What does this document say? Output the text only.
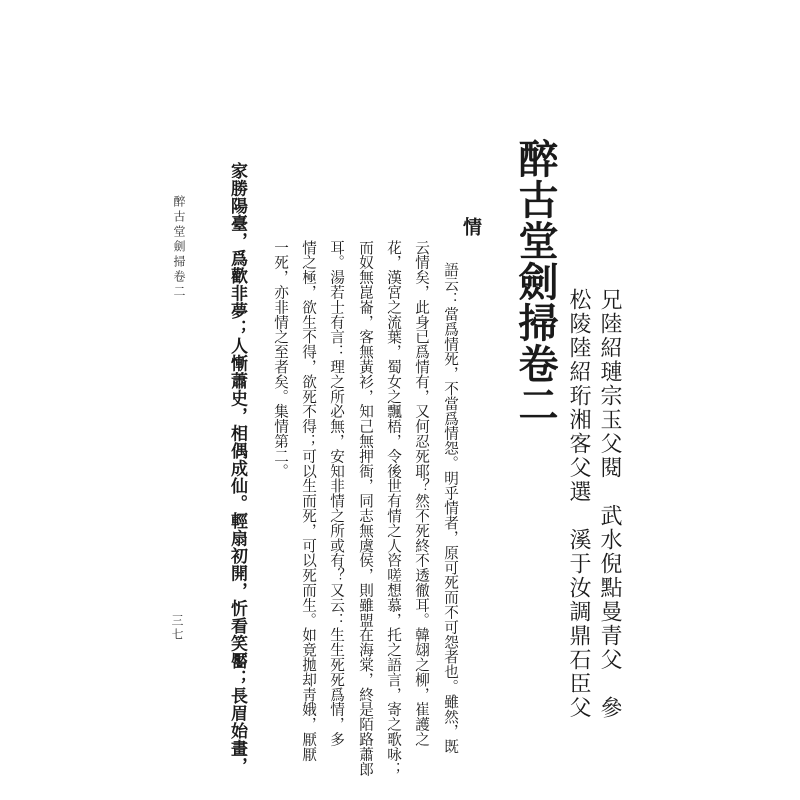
醉古堂劍掃卷二
松陵陸紹珩湘客父選　溪于汝調鼎石臣父 兄陸紹璉宗玉父閱　武水倪點曼青父　參
情
語云：當爲情死，不當爲情怨。明乎情者，原可死而不可怨者也。雖然，既
云情矣，此身已爲情有，又何忍死耶？然不死終不透徹耳。韓翃之柳，崔護之
花，漢宮之流葉，蜀女之飄梧，令後世有情之人咨嗟想慕，托之語言，寄之歌咏；
而奴無崑崙，客無黃衫，知己無押衙，同志無虞侯，則雖盟在海棠，終是陌路蕭郎
耳。湯若士有言：理之所必無，安知非情之所或有？又云：生生死死爲情，多
情之極，欲生不得，欲死不得；可以生而死，可以死而生。如竟拋却靑娥，厭厭
一死，亦非情之至者矣。集情第二。
家勝陽臺，爲歡非夢；人慚蕭史，相偶成仙。輕扇初開，忻看笑靨；長眉始畫，
醉古堂劍掃卷二
三七
